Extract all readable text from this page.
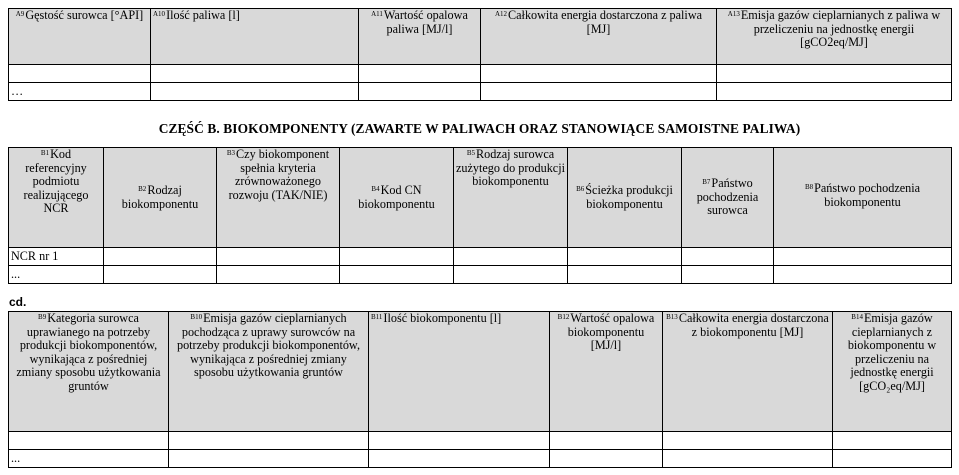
$^{A9}$Gęstość surowca [°API]	$^{A10}$Ilość paliwa [l]	$^{A11}$Wartość opalowa paliwa [MJ/l]	$^{A12}$Całkowita energia dostarczona z paliwa [MJ]	$^{A13}$Emisja gazów cieplarnianych z paliwa w przeliczeniu na jednostkę energii [gCO2eq/MJ]

…				
CZĘŚĆ B. BIOKOMPONENTY (ZAWARTE W PALIWACH ORAZ STANOWIĄCE SAMOISTNE PALIWA)
$^{B1}$Kod referencyjny podmiotu realizującego NCR	$^{B2}$Rodzaj biokomponentu	$^{B3}$Czy biokomponent spełnia kryteria zrównoważonego rozwoju (TAK/NIE)	$^{B4}$Kod CN biokomponentu	$^{B5}$Rodzaj surowca zużytego do produkcji biokomponentu	$^{B6}$Ścieżka produkcji biokomponentu	$^{B7}$Państwo pochodzenia surowca	$^{B8}$Państwo pochodzenia biokomponentu
NCR nr 1							
...							
cd.
$^{B9}$Kategoria surowca uprawianego na potrzeby produkcji biokomponentów, wynikająca z pośredniej zmiany sposobu użytkowania gruntów	$^{B10}$Emisja gazów cieplarnianych pochodząca z uprawy surowców na potrzeby produkcji biokomponentów, wynikająca z pośredniej zmiany sposobu użytkowania gruntów	$^{B11}$Ilość biokomponentu [l]	$^{B12}$Wartość opalowa biokomponentu [MJ/l]	$^{B13}$Całkowita energia dostarczona z biokomponentu [MJ]	$^{B14}$Emisja gazów cieplarnianych z biokomponentu w przeliczeniu na jednostkę energii [gCO₂eq/MJ]

...					
